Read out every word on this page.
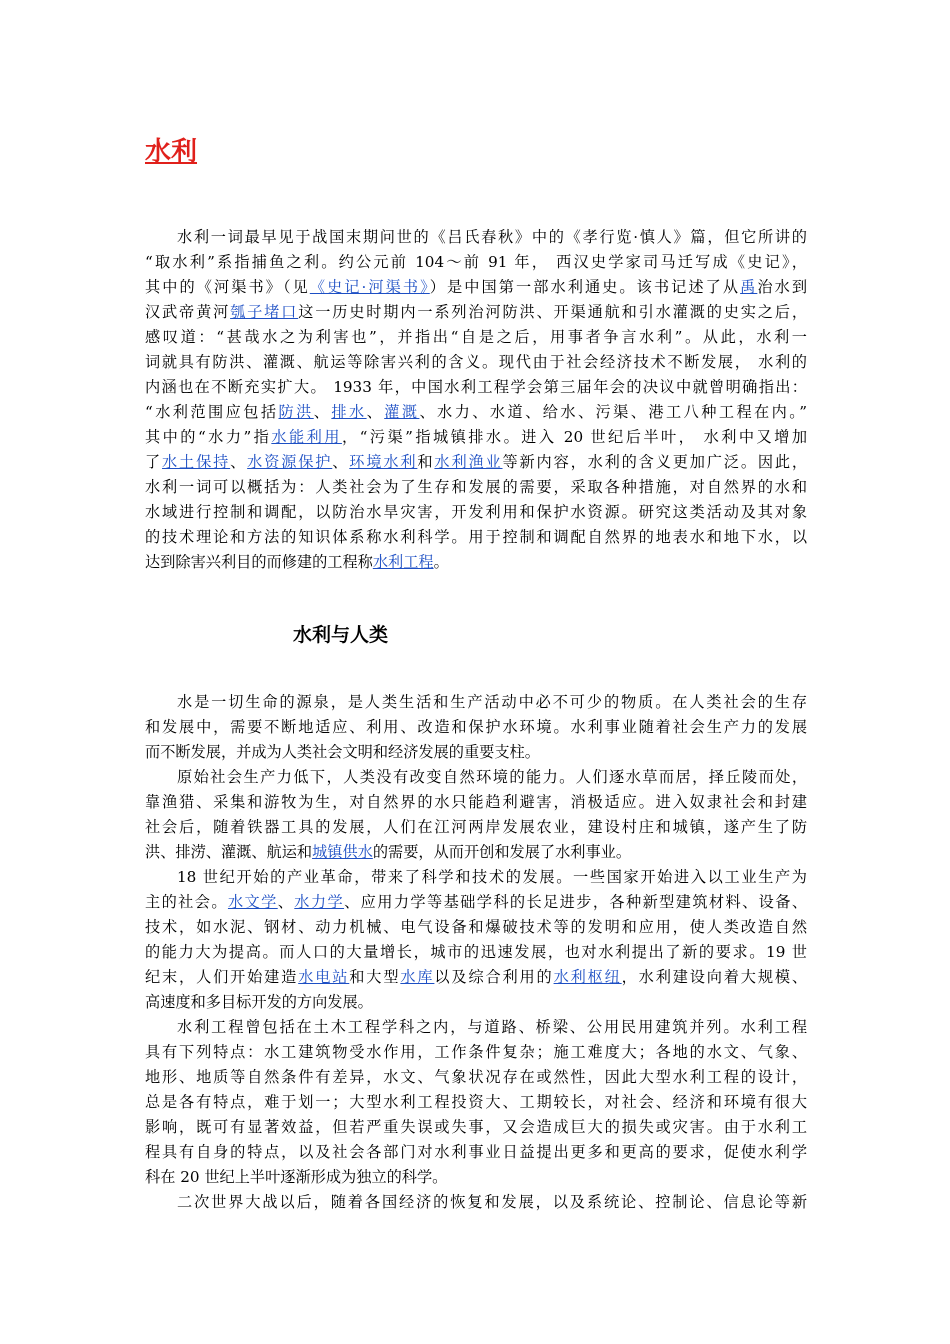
水利
水利一词最早见于战国末期问世的《吕氏春秋》中的《孝行览·慎人》篇，但它所讲的
“取水利”系指捕鱼之利。约公元前 104～前 91 年， 西汉史学家司马迁写成《史记》，
其中的《河渠书》（见《史记·河渠书》）是中国第一部水利通史。该书记述了从禹治水到
汉武帝黄河瓠子堵口这一历史时期内一系列治河防洪、开渠通航和引水灌溉的史实之后，
感叹道：“甚哉水之为利害也”，并指出“自是之后，用事者争言水利”。从此，水利一
词就具有防洪、灌溉、航运等除害兴利的含义。现代由于社会经济技术不断发展， 水利的
内涵也在不断充实扩大。 1933 年，中国水利工程学会第三届年会的决议中就曾明确指出：
“水利范围应包括防洪、排水、灌溉、水力、水道、给水、污渠、港工八种工程在内。”
其中的“水力”指水能利用，“污渠”指城镇排水。进入 20 世纪后半叶， 水利中又增加
了水土保持、水资源保护、环境水利和水利渔业等新内容，水利的含义更加广泛。因此，
水利一词可以概括为：人类社会为了生存和发展的需要，采取各种措施，对自然界的水和
水域进行控制和调配，以防治水旱灾害，开发利用和保护水资源。研究这类活动及其对象
的技术理论和方法的知识体系称水利科学。用于控制和调配自然界的地表水和地下水，以
达到除害兴利目的而修建的工程称水利工程。
水利与人类
水是一切生命的源泉，是人类生活和生产活动中必不可少的物质。在人类社会的生存
和发展中，需要不断地适应、利用、改造和保护水环境。水利事业随着社会生产力的发展
而不断发展，并成为人类社会文明和经济发展的重要支柱。
原始社会生产力低下，人类没有改变自然环境的能力。人们逐水草而居，择丘陵而处，
靠渔猎、采集和游牧为生，对自然界的水只能趋利避害，消极适应。进入奴隶社会和封建
社会后，随着铁器工具的发展，人们在江河两岸发展农业，建设村庄和城镇，遂产生了防
洪、排涝、灌溉、航运和城镇供水的需要，从而开创和发展了水利事业。
18 世纪开始的产业革命，带来了科学和技术的发展。一些国家开始进入以工业生产为
主的社会。水文学、水力学、应用力学等基础学科的长足进步，各种新型建筑材料、设备、
技术，如水泥、钢材、动力机械、电气设备和爆破技术等的发明和应用，使人类改造自然
的能力大为提高。而人口的大量增长，城市的迅速发展，也对水利提出了新的要求。19 世
纪末，人们开始建造水电站和大型水库以及综合利用的水利枢纽，水利建设向着大规模、
高速度和多目标开发的方向发展。
水利工程曾包括在土木工程学科之内，与道路、桥梁、公用民用建筑并列。水利工程
具有下列特点：水工建筑物受水作用，工作条件复杂；施工难度大；各地的水文、气象、
地形、地质等自然条件有差异，水文、气象状况存在或然性，因此大型水利工程的设计，
总是各有特点，难于划一；大型水利工程投资大、工期较长，对社会、经济和环境有很大
影响，既可有显著效益，但若严重失误或失事，又会造成巨大的损失或灾害。由于水利工
程具有自身的特点，以及社会各部门对水利事业日益提出更多和更高的要求，促使水利学
科在 20 世纪上半叶逐渐形成为独立的科学。
二次世界大战以后，随着各国经济的恢复和发展，以及系统论、控制论、信息论等新
